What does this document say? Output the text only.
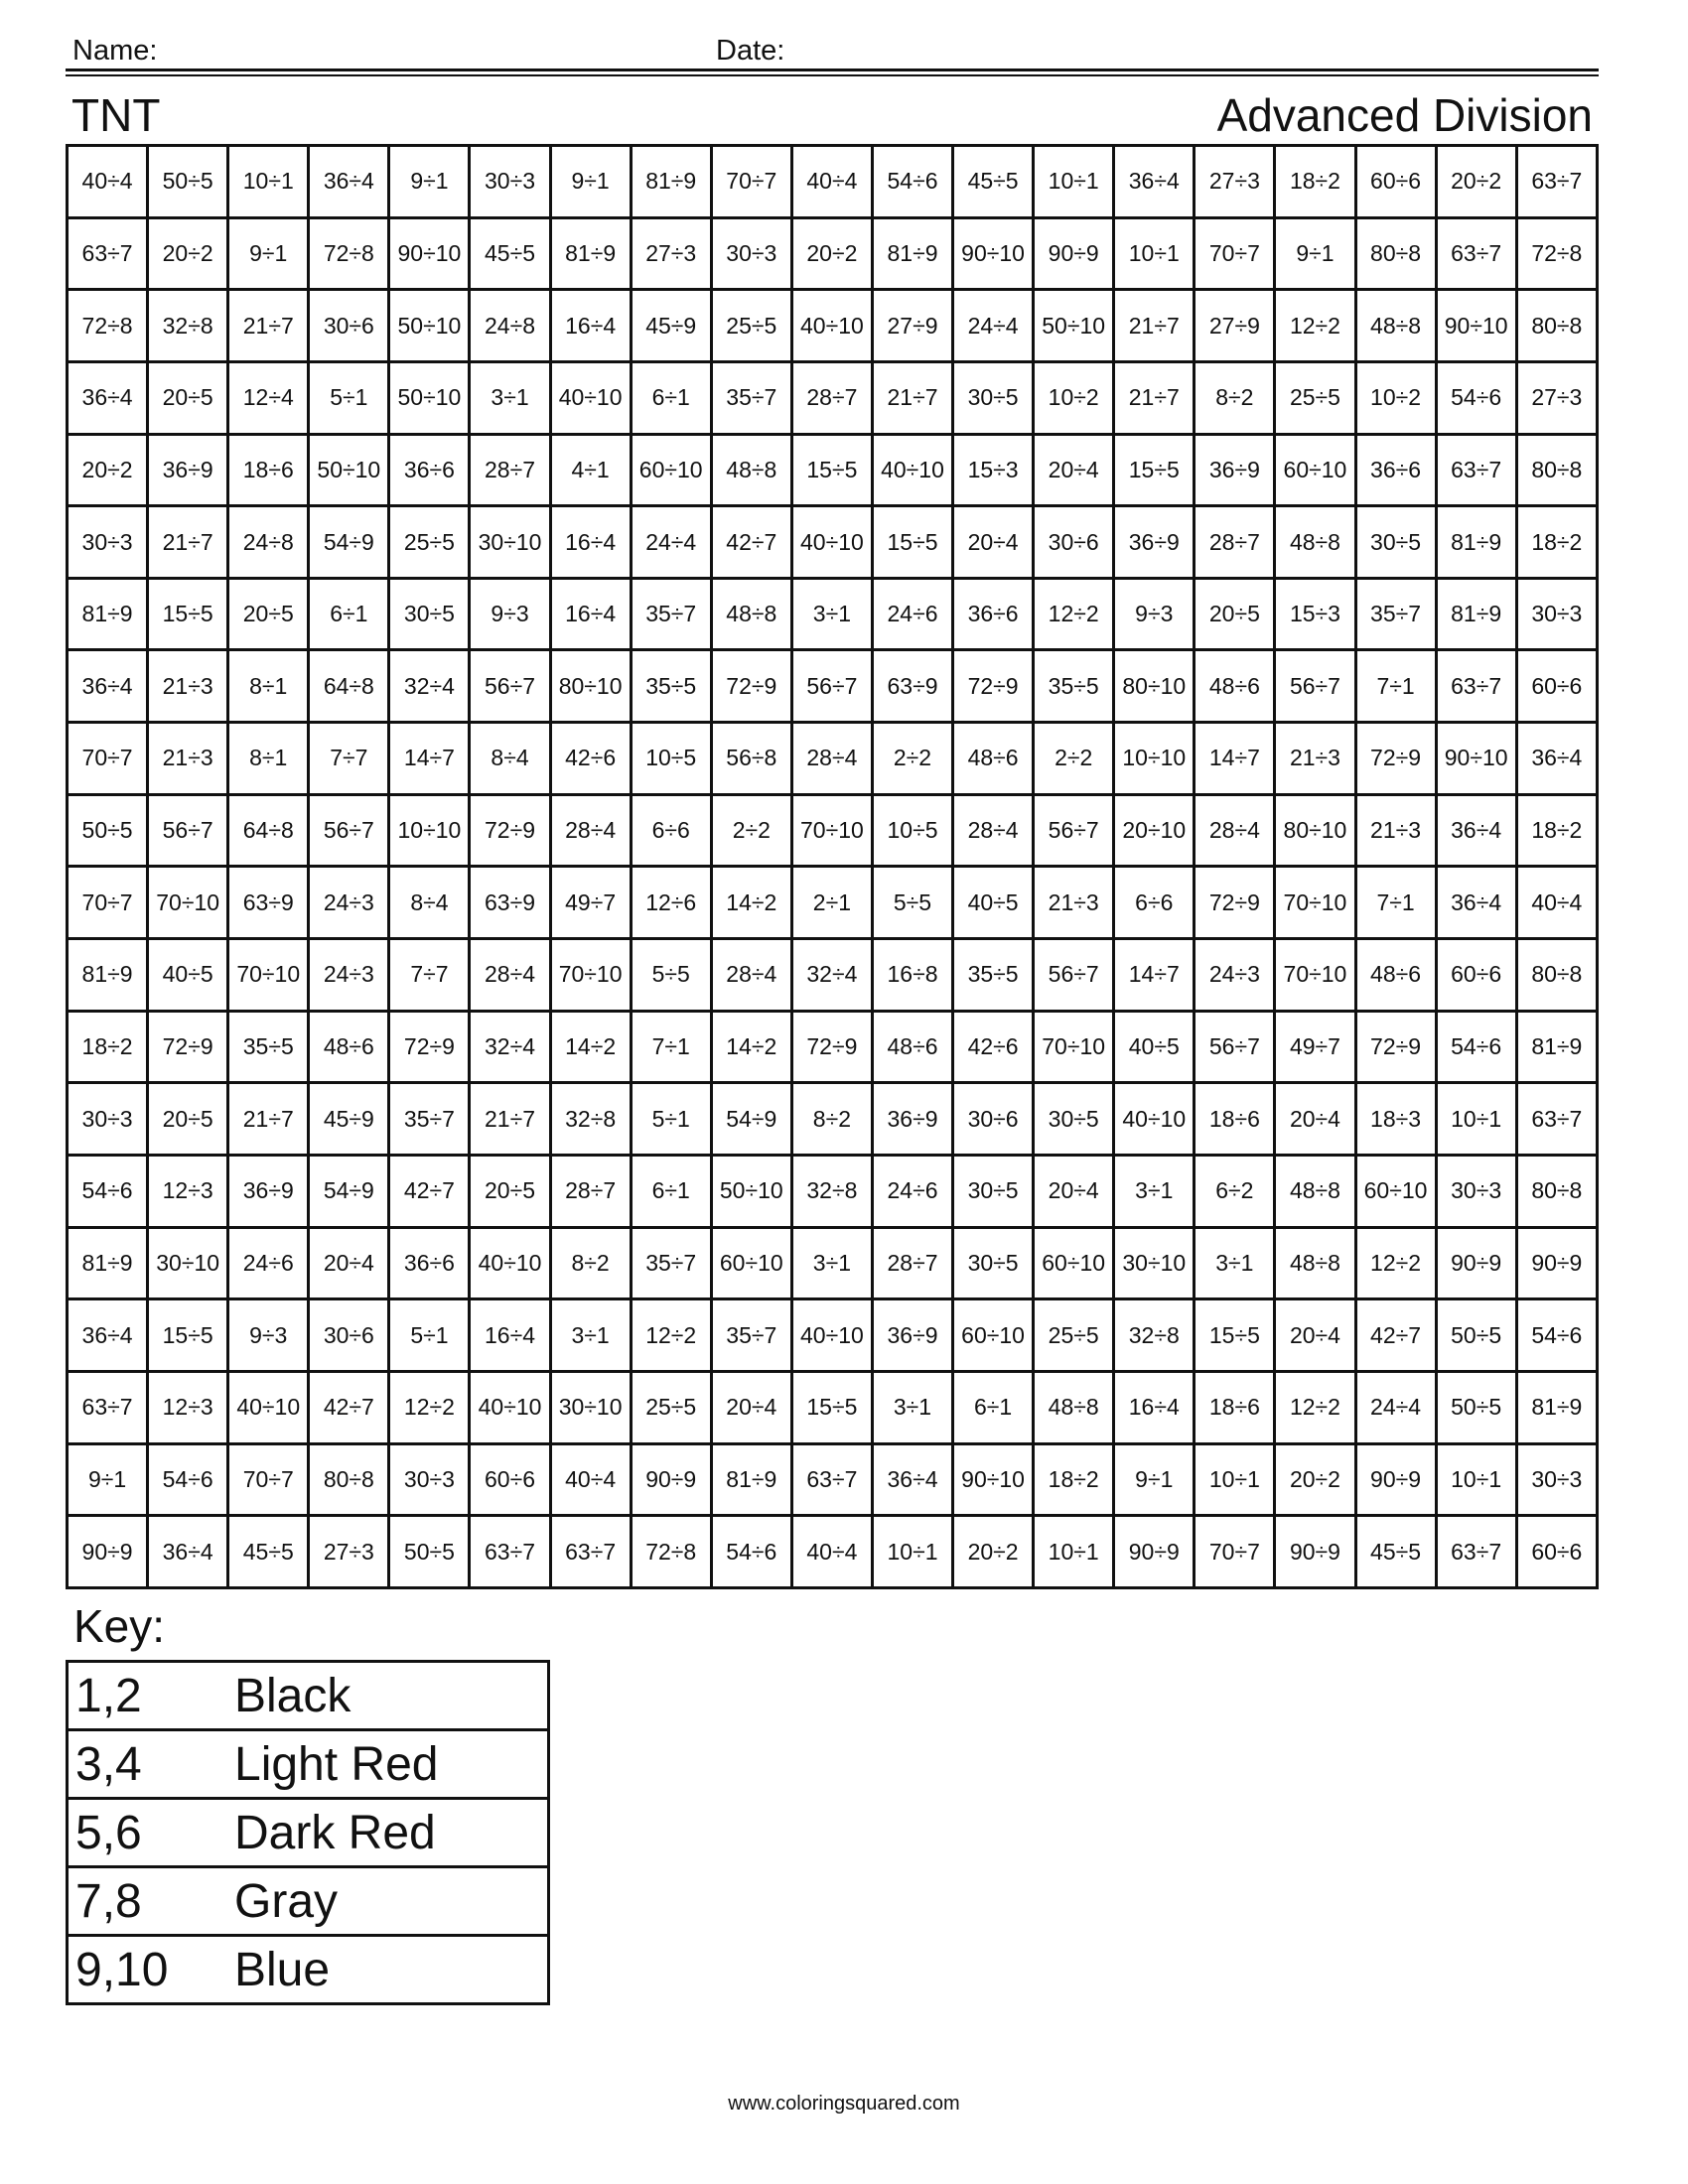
Name:	Date:
TNT	Advanced Division
40÷4	50÷5	10÷1	36÷4	9÷1	30÷3	9÷1	81÷9	70÷7	40÷4	54÷6	45÷5	10÷1	36÷4	27÷3	18÷2	60÷6	20÷2	63÷7
63÷7	20÷2	9÷1	72÷8	90÷10	45÷5	81÷9	27÷3	30÷3	20÷2	81÷9	90÷10	90÷9	10÷1	70÷7	9÷1	80÷8	63÷7	72÷8
72÷8	32÷8	21÷7	30÷6	50÷10	24÷8	16÷4	45÷9	25÷5	40÷10	27÷9	24÷4	50÷10	21÷7	27÷9	12÷2	48÷8	90÷10	80÷8
36÷4	20÷5	12÷4	5÷1	50÷10	3÷1	40÷10	6÷1	35÷7	28÷7	21÷7	30÷5	10÷2	21÷7	8÷2	25÷5	10÷2	54÷6	27÷3
20÷2	36÷9	18÷6	50÷10	36÷6	28÷7	4÷1	60÷10	48÷8	15÷5	40÷10	15÷3	20÷4	15÷5	36÷9	60÷10	36÷6	63÷7	80÷8
30÷3	21÷7	24÷8	54÷9	25÷5	30÷10	16÷4	24÷4	42÷7	40÷10	15÷5	20÷4	30÷6	36÷9	28÷7	48÷8	30÷5	81÷9	18÷2
81÷9	15÷5	20÷5	6÷1	30÷5	9÷3	16÷4	35÷7	48÷8	3÷1	24÷6	36÷6	12÷2	9÷3	20÷5	15÷3	35÷7	81÷9	30÷3
36÷4	21÷3	8÷1	64÷8	32÷4	56÷7	80÷10	35÷5	72÷9	56÷7	63÷9	72÷9	35÷5	80÷10	48÷6	56÷7	7÷1	63÷7	60÷6
70÷7	21÷3	8÷1	7÷7	14÷7	8÷4	42÷6	10÷5	56÷8	28÷4	2÷2	48÷6	2÷2	10÷10	14÷7	21÷3	72÷9	90÷10	36÷4
50÷5	56÷7	64÷8	56÷7	10÷10	72÷9	28÷4	6÷6	2÷2	70÷10	10÷5	28÷4	56÷7	20÷10	28÷4	80÷10	21÷3	36÷4	18÷2
70÷7	70÷10	63÷9	24÷3	8÷4	63÷9	49÷7	12÷6	14÷2	2÷1	5÷5	40÷5	21÷3	6÷6	72÷9	70÷10	7÷1	36÷4	40÷4
81÷9	40÷5	70÷10	24÷3	7÷7	28÷4	70÷10	5÷5	28÷4	32÷4	16÷8	35÷5	56÷7	14÷7	24÷3	70÷10	48÷6	60÷6	80÷8
18÷2	72÷9	35÷5	48÷6	72÷9	32÷4	14÷2	7÷1	14÷2	72÷9	48÷6	42÷6	70÷10	40÷5	56÷7	49÷7	72÷9	54÷6	81÷9
30÷3	20÷5	21÷7	45÷9	35÷7	21÷7	32÷8	5÷1	54÷9	8÷2	36÷9	30÷6	30÷5	40÷10	18÷6	20÷4	18÷3	10÷1	63÷7
54÷6	12÷3	36÷9	54÷9	42÷7	20÷5	28÷7	6÷1	50÷10	32÷8	24÷6	30÷5	20÷4	3÷1	6÷2	48÷8	60÷10	30÷3	80÷8
81÷9	30÷10	24÷6	20÷4	36÷6	40÷10	8÷2	35÷7	60÷10	3÷1	28÷7	30÷5	60÷10	30÷10	3÷1	48÷8	12÷2	90÷9	90÷9
36÷4	15÷5	9÷3	30÷6	5÷1	16÷4	3÷1	12÷2	35÷7	40÷10	36÷9	60÷10	25÷5	32÷8	15÷5	20÷4	42÷7	50÷5	54÷6
63÷7	12÷3	40÷10	42÷7	12÷2	40÷10	30÷10	25÷5	20÷4	15÷5	3÷1	6÷1	48÷8	16÷4	18÷6	12÷2	24÷4	50÷5	81÷9
9÷1	54÷6	70÷7	80÷8	30÷3	60÷6	40÷4	90÷9	81÷9	63÷7	36÷4	90÷10	18÷2	9÷1	10÷1	20÷2	90÷9	10÷1	30÷3
90÷9	36÷4	45÷5	27÷3	50÷5	63÷7	63÷7	72÷8	54÷6	40÷4	10÷1	20÷2	10÷1	90÷9	70÷7	90÷9	45÷5	63÷7	60÷6
Key:
1,2	Black
3,4	Light Red
5,6	Dark Red
7,8	Gray
9,10	Blue
www.coloringsquared.com
